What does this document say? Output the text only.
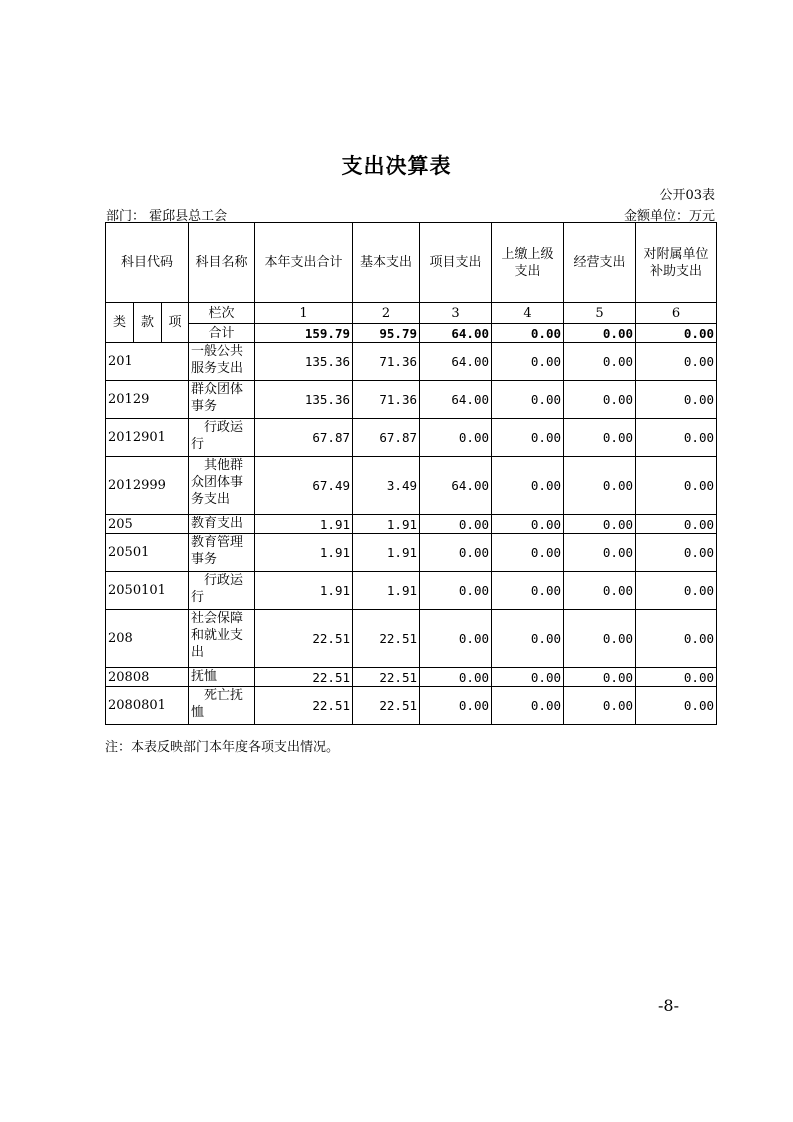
支出决算表
公开03表
部门： 霍邱县总工会	金额单位：万元
科目代码			科目名称	本年支出合计	基本支出	项目支出	上缴上级支出	经营支出	对附属单位补助支出
类	款	项	栏次	1	2	3	4	5	6
			合计	159.79	95.79	64.00	0.00	0.00	0.00
201			一般公共服务支出	135.36	71.36	64.00	0.00	0.00	0.00
20129			群众团体事务	135.36	71.36	64.00	0.00	0.00	0.00
2012901			　行政运行	67.87	67.87	0.00	0.00	0.00	0.00
2012999			　其他群众团体事务支出	67.49	3.49	64.00	0.00	0.00	0.00
205			教育支出	1.91	1.91	0.00	0.00	0.00	0.00
20501			教育管理事务	1.91	1.91	0.00	0.00	0.00	0.00
2050101			　行政运行	1.91	1.91	0.00	0.00	0.00	0.00
208			社会保障和就业支出	22.51	22.51	0.00	0.00	0.00	0.00
20808			抚恤	22.51	22.51	0.00	0.00	0.00	0.00
2080801			　死亡抚恤	22.51	22.51	0.00	0.00	0.00	0.00
注：本表反映部门本年度各项支出情况。
-8-
